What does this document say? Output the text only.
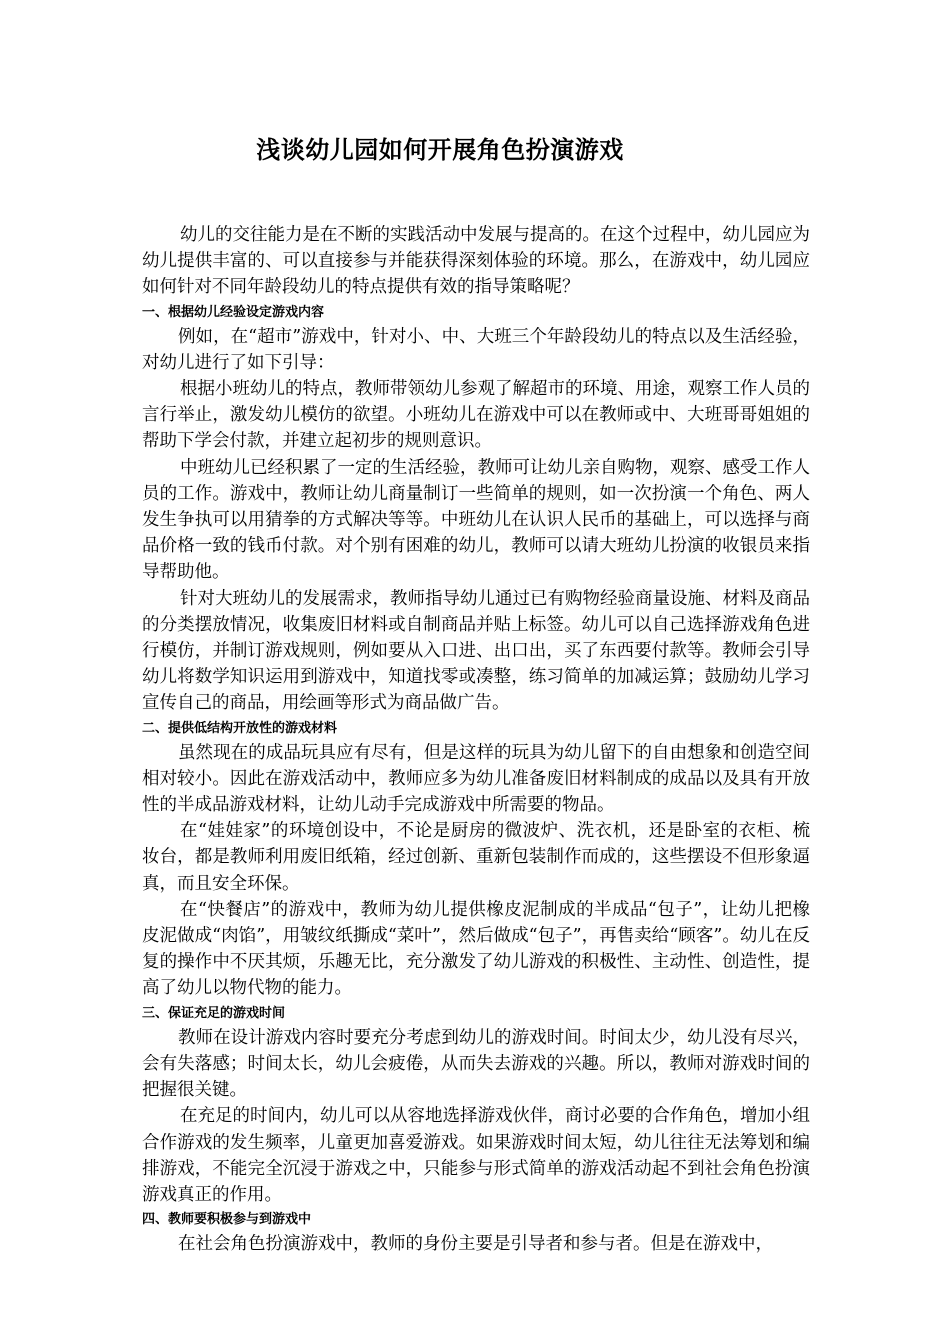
浅谈幼儿园如何开展角色扮演游戏

幼儿的交往能力是在不断的实践活动中发展与提高的。在这个过程中，幼儿园应为幼儿提供丰富的、可以直接参与并能获得深刻体验的环境。那么，在游戏中，幼儿园应如何针对不同年龄段幼儿的特点提供有效的指导策略呢？

一、根据幼儿经验设定游戏内容

例如，在“超市”游戏中，针对小、中、大班三个年龄段幼儿的特点以及生活经验，对幼儿进行了如下引导：

根据小班幼儿的特点，教师带领幼儿参观了解超市的环境、用途，观察工作人员的言行举止，激发幼儿模仿的欲望。小班幼儿在游戏中可以在教师或中、大班哥哥姐姐的帮助下学会付款，并建立起初步的规则意识。

中班幼儿已经积累了一定的生活经验，教师可让幼儿亲自购物，观察、感受工作人员的工作。游戏中，教师让幼儿商量制订一些简单的规则，如一次扮演一个角色、两人发生争执可以用猜拳的方式解决等等。中班幼儿在认识人民币的基础上，可以选择与商品价格一致的钱币付款。对个别有困难的幼儿，教师可以请大班幼儿扮演的收银员来指导帮助他。

针对大班幼儿的发展需求，教师指导幼儿通过已有购物经验商量设施、材料及商品的分类摆放情况，收集废旧材料或自制商品并贴上标签。幼儿可以自己选择游戏角色进行模仿，并制订游戏规则，例如要从入口进、出口出，买了东西要付款等。教师会引导幼儿将数学知识运用到游戏中，知道找零或凑整，练习简单的加减运算；鼓励幼儿学习宣传自己的商品，用绘画等形式为商品做广告。

二、提供低结构开放性的游戏材料

虽然现在的成品玩具应有尽有，但是这样的玩具为幼儿留下的自由想象和创造空间相对较小。因此在游戏活动中，教师应多为幼儿准备废旧材料制成的成品以及具有开放性的半成品游戏材料，让幼儿动手完成游戏中所需要的物品。

在“娃娃家”的环境创设中，不论是厨房的微波炉、洗衣机，还是卧室的衣柜、梳妆台，都是教师利用废旧纸箱，经过创新、重新包装制作而成的，这些摆设不但形象逼真，而且安全环保。

在“快餐店”的游戏中，教师为幼儿提供橡皮泥制成的半成品“包子”，让幼儿把橡皮泥做成“肉馅”，用皱纹纸撕成“菜叶”，然后做成“包子”，再售卖给“顾客”。幼儿在反复的操作中不厌其烦，乐趣无比，充分激发了幼儿游戏的积极性、主动性、创造性，提高了幼儿以物代物的能力。

三、保证充足的游戏时间

教师在设计游戏内容时要充分考虑到幼儿的游戏时间。时间太少，幼儿没有尽兴，会有失落感；时间太长，幼儿会疲倦，从而失去游戏的兴趣。所以，教师对游戏时间的把握很关键。

在充足的时间内，幼儿可以从容地选择游戏伙伴，商讨必要的合作角色，增加小组合作游戏的发生频率，儿童更加喜爱游戏。如果游戏时间太短，幼儿往往无法筹划和编排游戏，不能完全沉浸于游戏之中，只能参与形式简单的游戏活动起不到社会角色扮演游戏真正的作用。

四、教师要积极参与到游戏中

在社会角色扮演游戏中，教师的身份主要是引导者和参与者。但是在游戏中，
